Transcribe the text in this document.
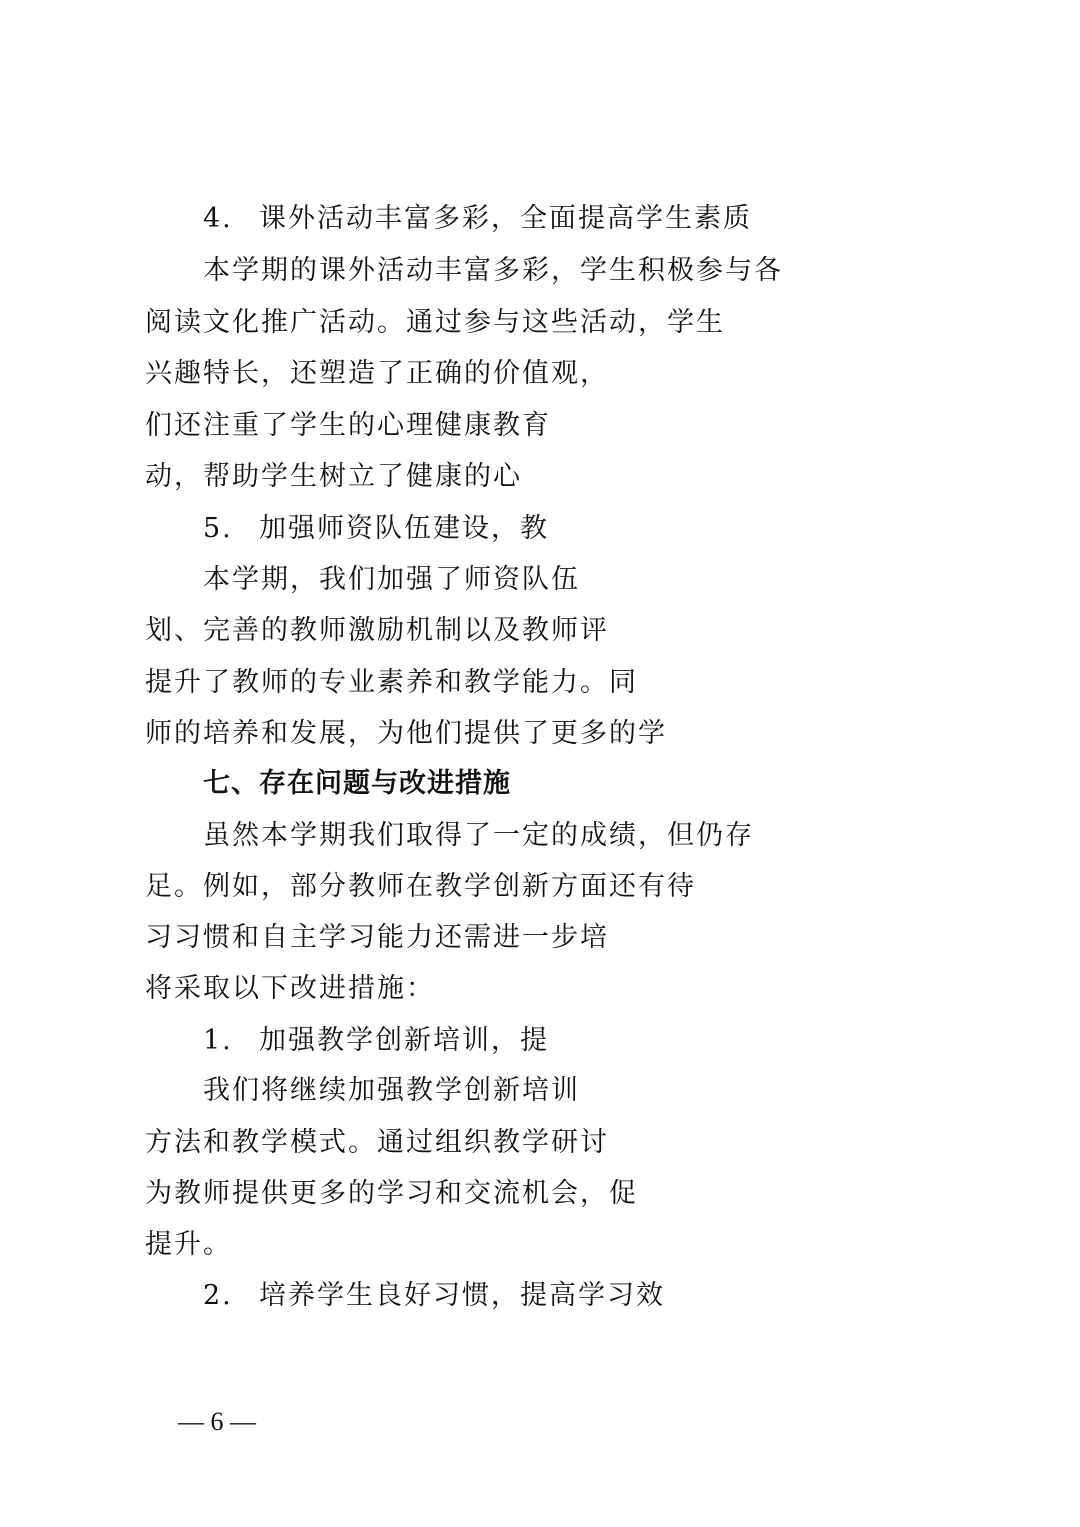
4. 课外活动丰富多彩，全面提高学生素质
本学期的课外活动丰富多彩，学生积极参与各
阅读文化推广活动。通过参与这些活动，学生
兴趣特长，还塑造了正确的价值观，
们还注重了学生的心理健康教育
动，帮助学生树立了健康的心
5. 加强师资队伍建设，教
本学期，我们加强了师资队伍
划、完善的教师激励机制以及教师评
提升了教师的专业素养和教学能力。同
师的培养和发展，为他们提供了更多的学
七、存在问题与改进措施
虽然本学期我们取得了一定的成绩，但仍存
足。例如，部分教师在教学创新方面还有待
习习惯和自主学习能力还需进一步培
将采取以下改进措施：
1. 加强教学创新培训，提
我们将继续加强教学创新培训
方法和教学模式。通过组织教学研讨
为教师提供更多的学习和交流机会，促
提升。
2. 培养学生良好习惯，提高学习效
— 6 —
